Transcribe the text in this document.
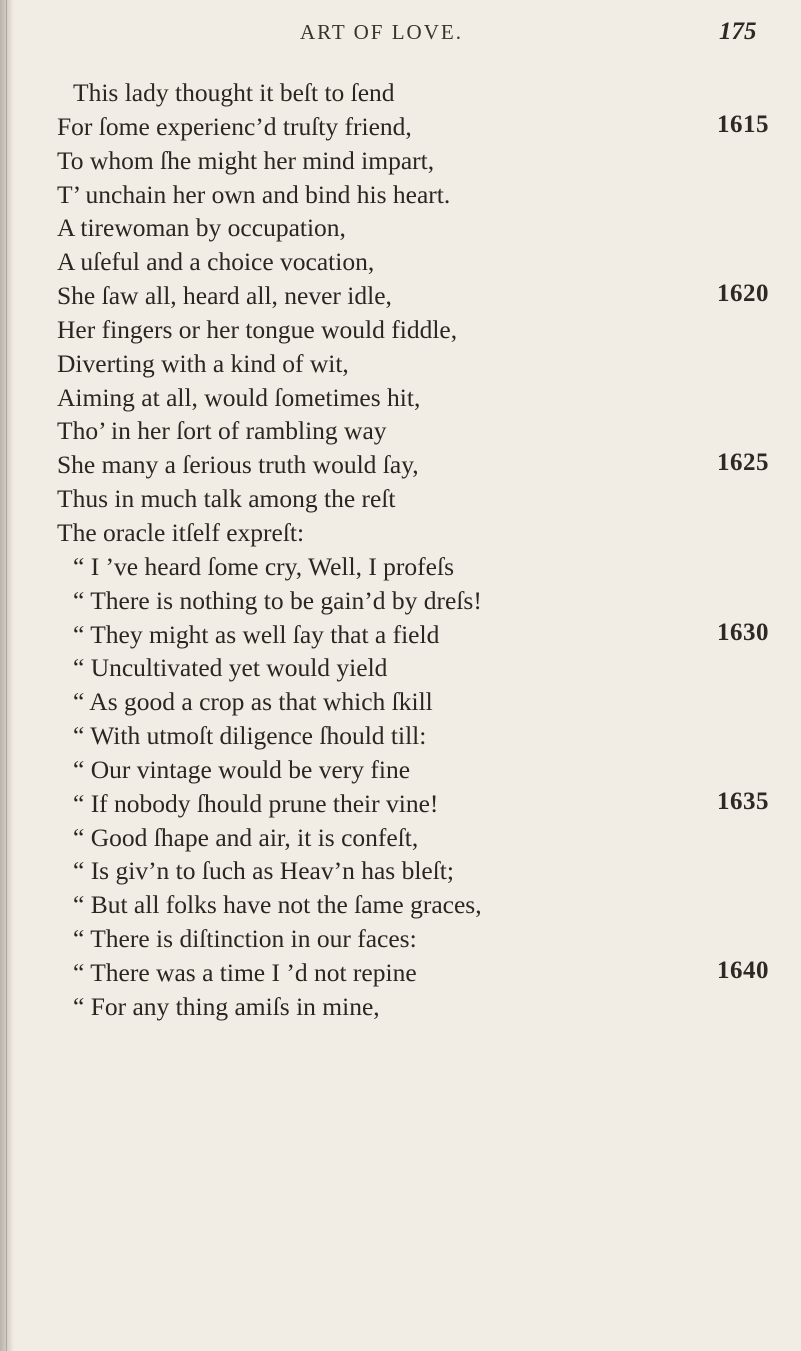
ART OF LOVE.	175
This lady thought it beſt to ſend
For ſome experienc’d truſty friend,
To whom ſhe might her mind impart,
T’ unchain her own and bind his heart.
A tirewoman by occupation,
A uſeful and a choice vocation,
She ſaw all, heard all, never idle,
Her fingers or her tongue would fiddle,
Diverting with a kind of wit,
Aiming at all, would ſometimes hit,
Tho’ in her ſort of rambling way
She many a ſerious truth would ſay,
Thus in much talk among the reſt
The oracle itſelf expreſt:
“ I ’ve heard ſome cry, Well, I profeſs
“ There is nothing to be gain’d by dreſs!
“ They might as well ſay that a field
“ Uncultivated yet would yield
“ As good a crop as that which ſkill
“ With utmoſt diligence ſhould till:
“ Our vintage would be very fine
“ If nobody ſhould prune their vine!
“ Good ſhape and air, it is confeſt,
“ Is giv’n to ſuch as Heav’n has bleſt;
“ But all folks have not the ſame graces,
“ There is diſtinction in our faces:
“ There was a time I ’d not repine
“ For any thing amiſs in mine,
1615
1620
1625
1630
1635
1640
